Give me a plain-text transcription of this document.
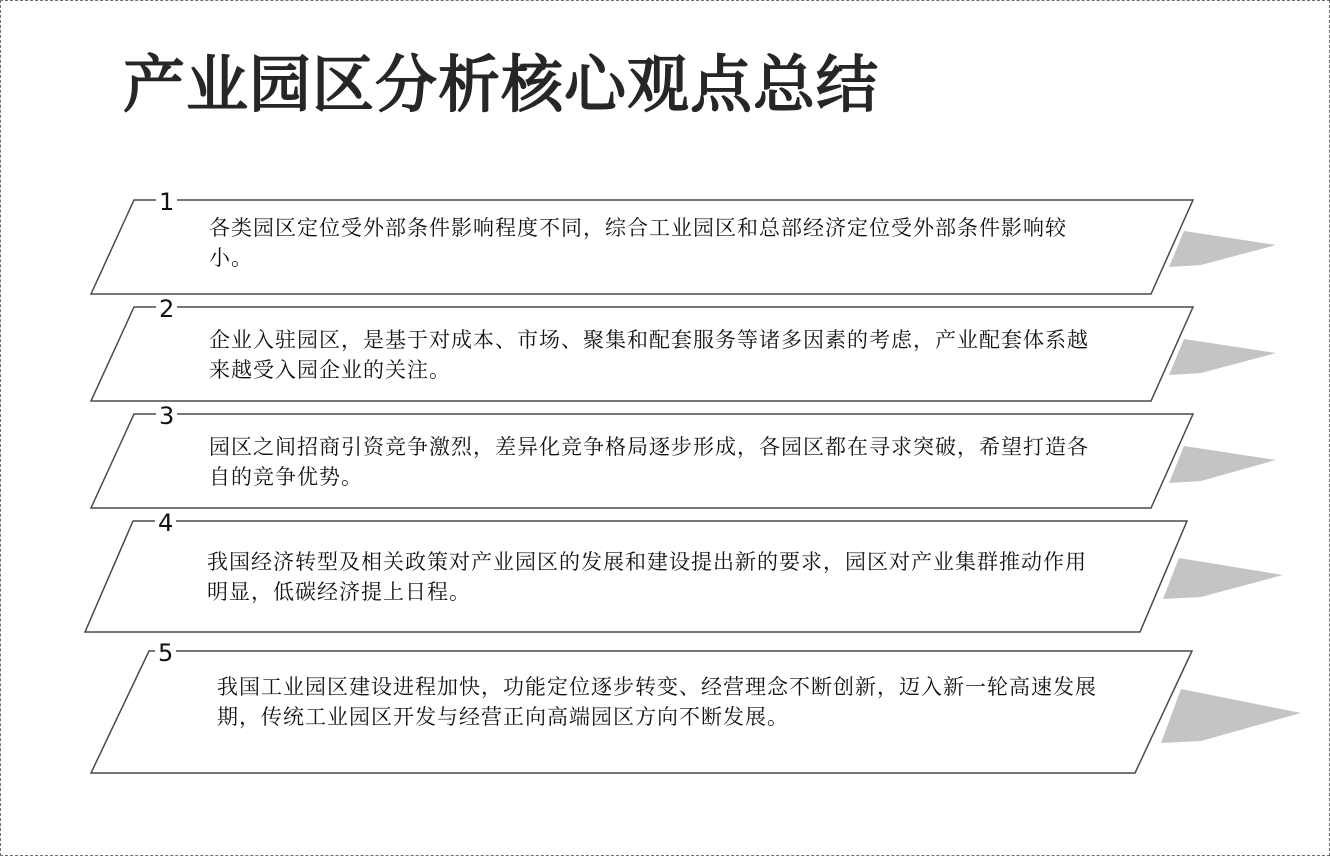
产业园区分析核心观点总结
1
2
3
4
5

各类园区定位受外部条件影响程度不同，综合工业园区和总部经济定位受外部条件影响较小。

企业入驻园区，是基于对成本、市场、聚集和配套服务等诸多因素的考虑，产业配套体系越来越受入园企业的关注。

园区之间招商引资竞争激烈，差异化竞争格局逐步形成，各园区都在寻求突破，希望打造各自的竞争优势。

我国经济转型及相关政策对产业园区的发展和建设提出新的要求，园区对产业集群推动作用明显，低碳经济提上日程。

我国工业园区建设进程加快，功能定位逐步转变、经营理念不断创新，迈入新一轮高速发展期，传统工业园区开发与经营正向高端园区方向不断发展。
